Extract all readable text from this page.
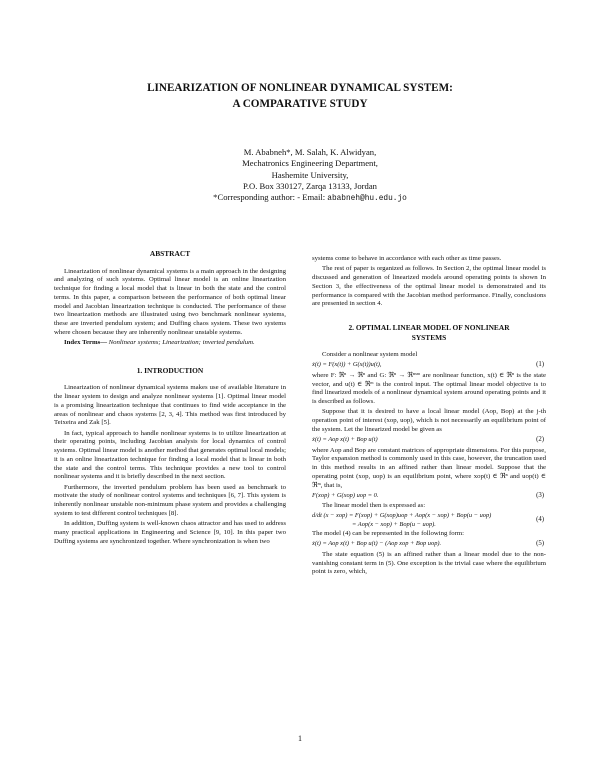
LINEARIZATION OF NONLINEAR DYNAMICAL SYSTEM:
A COMPARATIVE STUDY
M. Ababneh*, M. Salah, K. Alwidyan,
Mechatronics Engineering Department,
Hashemite University,
P.O. Box 330127, Zarqa 13133, Jordan
*Corresponding author: - Email: ababneh@hu.edu.jo
ABSTRACT

Linearization of nonlinear dynamical systems is a main approach in the designing and analyzing of such systems. Optimal linear model is an online linearization technique for finding a local model that is linear in both the state and the control terms. In this paper, a comparison between the performance of both optimal linear model and Jacobian linearization technique is conducted. The performance of these two linearization methods are illustrated using two benchmark nonlinear systems, these are inverted pendulum system; and Duffing chaos system. These two systems where chosen because they are inherently nonlinear unstable systems.

Index Terms— Nonlinear systems; Linearization; inverted pendulum.

1. INTRODUCTION

Linearization of nonlinear dynamical systems makes use of available literature in the linear system to design and analyze nonlinear systems [1]. Optimal linear model is a promising linearization technique that continues to find wide acceptance in the areas of nonlinear and chaos systems [2, 3, 4]. This method was first introduced by Teixeira and Zak [5].

In fact, typical approach to handle nonlinear systems is to utilize linearization at their operating points, including Jacobian analysis for local dynamics of control systems. Optimal linear model is another method that generates optimal local models; it is an online linearization technique for finding a local model that is linear in both the state and the control terms. This technique provides a new tool to control nonlinear systems and it is briefly described in the next section.

Furthermore, the inverted pendulum problem has been used as benchmark to motivate the study of nonlinear control systems and techniques [6, 7]. This system is inherently nonlinear unstable non-minimum phase system and provides a challenging system to test different control techniques [8].

In addition, Duffing system is well-known chaos attractor and has used to address many practical applications in Engineering and Science [9, 10]. In this paper two Duffing systems are synchronized together. Where synchronization is when two

systems come to behave in accordance with each other as time passes.

The rest of paper is organized as follows. In Section 2, the optimal linear model is discussed and generation of linearized models around operating points is shown In Section 3, the effectiveness of the optimal linear model is demonstrated and its performance is compared with the Jacobian method performance. Finally, conclusions are presented in section 4.

2. OPTIMAL LINEAR MODEL OF NONLINEAR
SYSTEMS

Consider a nonlinear system model

ẋ(t) = F(x(t)) + G(x(t))u(t),	(1)

where F: ℜⁿ → ℜⁿ and G: ℜⁿ → ℜⁿˣᵐ are nonlinear function, x(t) ∈ ℜⁿ is the state vector, and u(t) ∈ ℜᵐ is the control input. The optimal linear model objective is to find linearized models of a nonlinear dynamical system around operating points and it is described as follows.

Suppose that it is desired to have a local linear model (Aop, Bop) at the j-th operation point of interest (xop, uop), which is not necessarily an equilibrium point of the system. Let the linearized model be given as

ẋ(t) = Aop x(t) + Bop u(t)	(2)

where Aop and Bop are constant matrices of appropriate dimensions. For this purpose, Taylor expansion method is commonly used in this case, however, the truncation used in this method results in an affined rather than linear model. Suppose that the operating point (xop, uop) is an equilibrium point, where xop(t) ∈ ℜⁿ and uop(t) ∈ ℜᵐ, that is,

F(xop) + G(xop) uop = 0.	(3)

The linear model then is expressed as:

d/dt (x − xop) = F(xop) + G(xop)uop + Aop(x − xop) + Bop(u − uop)
= Aop(x − xop) + Bop(u − uop).
(4)

The model (4) can be represented in the following form:

ẋ(t) = Aop x(t) + Bop u(t) − (Aop xop + Bop uop).	(5)

The state equation (5) is an affined rather than a linear model due to the non-vanishing constant term in (5). One exception is the trivial case where the equilibrium point is zero, which,

1
